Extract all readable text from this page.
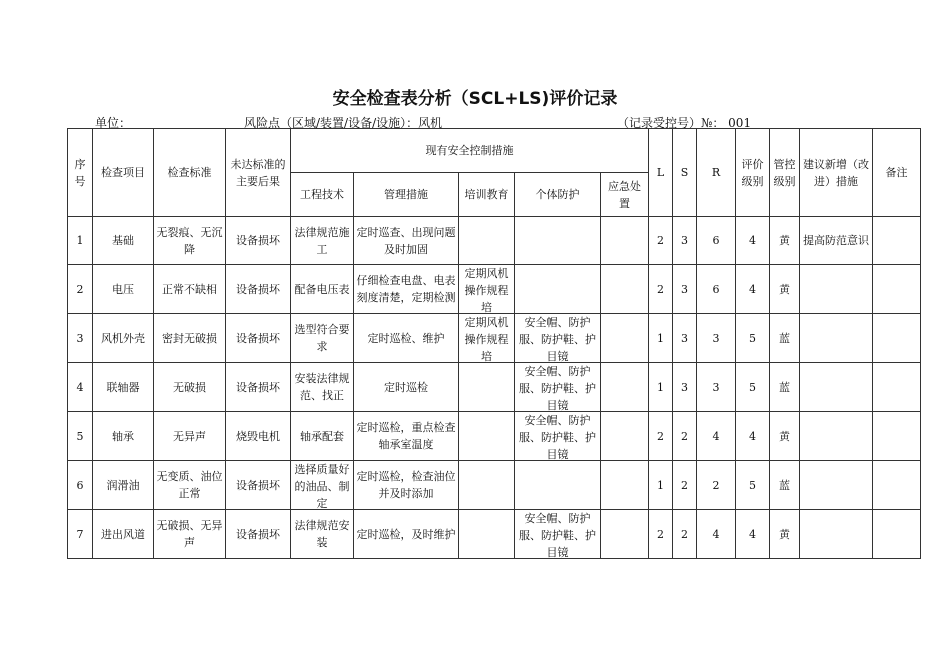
安全检查表分析（SCL+LS)评价记录
单位：	风险点（区域/装置/设备/设施）：风机	（记录受控号）№： 001
序号	检查项目	检查标准	未达标准的主要后果	现有安全控制措施					L	S	R	评价级别	管控级别	建议新增（改进）措施	备注
				工程技术	管理措施	培训教育	个体防护	应急处置							

1	基础	无裂痕、无沉降	设备损坏	法律规范施工	定时巡查、出现问题及时加固				2	3	6	4	黄	提高防范意识	

2	电压	正常不缺相	设备损坏	配备电压表	仔细检查电盘、电表刻度清楚，定期检测	定期风机操作规程培			2	3	6	4	黄		

3	风机外壳	密封无破损	设备损坏	选型符合要求	定时巡检、维护	定期风机操作规程培	安全帽、防护服、防护鞋、护目镜		1	3	3	5	蓝		

4	联轴器	无破损	设备损坏	安装法律规范、找正	定时巡检		安全帽、防护服、防护鞋、护目镜		1	3	3	5	蓝		

5	轴承	无异声	烧毁电机	轴承配套	定时巡检，重点检查轴承室温度		安全帽、防护服、防护鞋、护目镜		2	2	4	4	黄		

6	润滑油	无变质、油位正常	设备损坏	选择质量好的油品、制定	定时巡检，检查油位并及时添加				1	2	2	5	蓝		

7	进出风道	无破损、无异声	设备损坏	法律规范安装	定时巡检，及时维护		安全帽、防护服、防护鞋、护目镜		2	2	4	4	黄		
